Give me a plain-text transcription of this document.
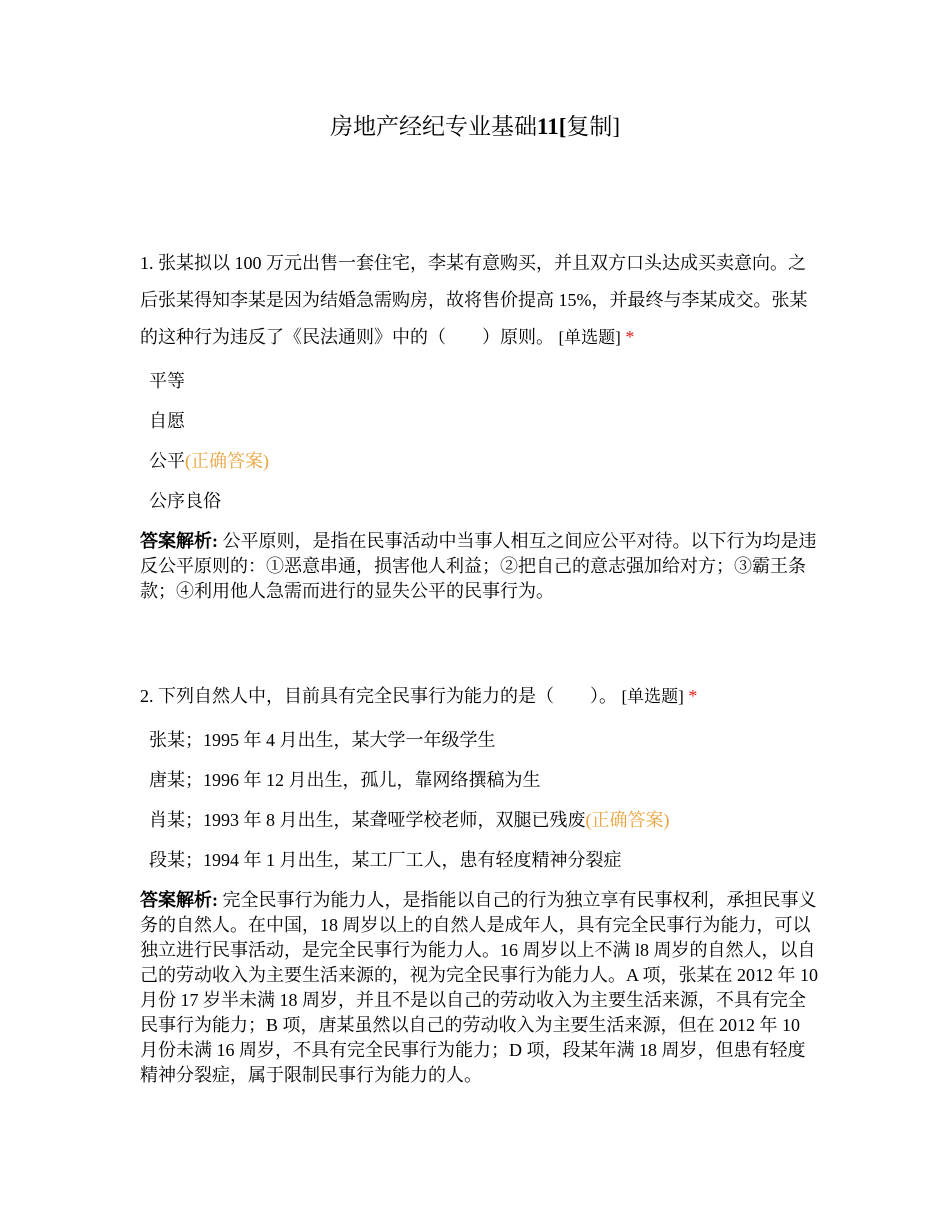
房地产经纪专业基础11[复制]
1. 张某拟以 100 万元出售一套住宅，李某有意购买，并且双方口头达成买卖意向。之后张某得知李某是因为结婚急需购房，故将售价提高 15%，并最终与李某成交。张某的这种行为违反了《民法通则》中的（　　）原则。 [单选题] *
平等
自愿
公平(正确答案)
公序良俗
答案解析: 公平原则，是指在民事活动中当事人相互之间应公平对待。以下行为均是违反公平原则的：①恶意串通，损害他人利益；②把自己的意志强加给对方；③霸王条款；④利用他人急需而进行的显失公平的民事行为。
2. 下列自然人中，目前具有完全民事行为能力的是（　　）。 [单选题] *
张某；1995 年 4 月出生，某大学一年级学生
唐某；1996 年 12 月出生，孤儿，靠网络撰稿为生
肖某；1993 年 8 月出生，某聋哑学校老师，双腿已残废(正确答案)
段某；1994 年 1 月出生，某工厂工人，患有轻度精神分裂症
答案解析: 完全民事行为能力人，是指能以自己的行为独立享有民事权利，承担民事义务的自然人。在中国，18 周岁以上的自然人是成年人，具有完全民事行为能力，可以独立进行民事活动，是完全民事行为能力人。16 周岁以上不满 l8 周岁的自然人，以自己的劳动收入为主要生活来源的，视为完全民事行为能力人。A 项，张某在 2012 年 10 月份 17 岁半未满 18 周岁，并且不是以自己的劳动收入为主要生活来源，不具有完全民事行为能力；B 项，唐某虽然以自己的劳动收入为主要生活来源，但在 2012 年 10 月份未满 16 周岁，不具有完全民事行为能力；D 项，段某年满 18 周岁，但患有轻度精神分裂症，属于限制民事行为能力的人。
